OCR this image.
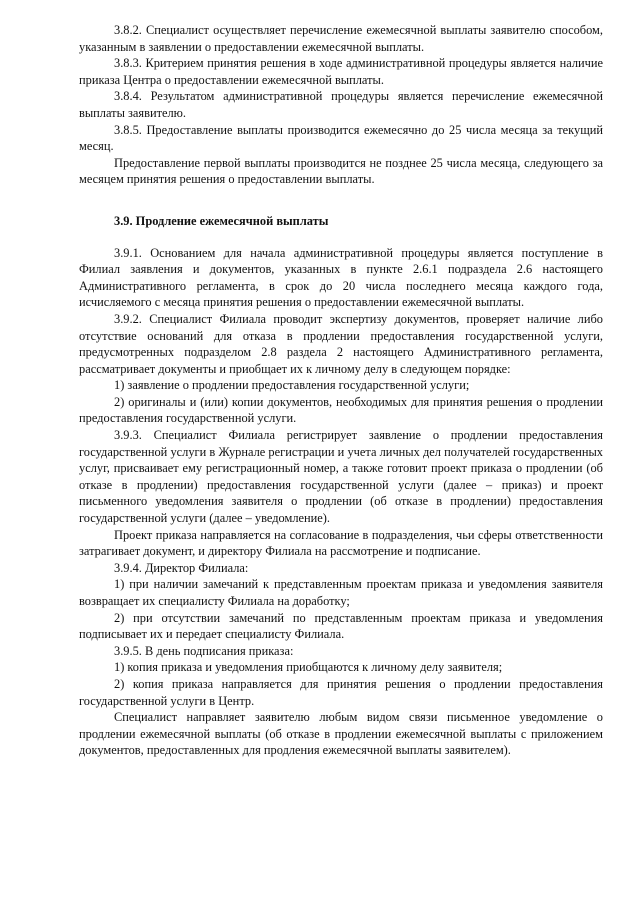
3.8.2. Специалист осуществляет перечисление ежемесячной выплаты заявителю способом, указанным в заявлении о предоставлении ежемесячной выплаты.

3.8.3. Критерием принятия решения в ходе административной процедуры является наличие приказа Центра о предоставлении ежемесячной выплаты.

3.8.4. Результатом административной процедуры является перечисление ежемесячной выплаты заявителю.

3.8.5. Предоставление выплаты производится ежемесячно до 25 числа месяца за текущий месяц.

Предоставление первой выплаты производится не позднее 25 числа месяца, следующего за месяцем принятия решения о предоставлении выплаты.

3.9. Продление ежемесячной выплаты

3.9.1. Основанием для начала административной процедуры является поступление в Филиал заявления и документов, указанных в пункте 2.6.1 подраздела 2.6 настоящего Административного регламента, в срок до 20 числа последнего месяца каждого года, исчисляемого с месяца принятия решения о предоставлении ежемесячной выплаты.

3.9.2. Специалист Филиала проводит экспертизу документов, проверяет наличие либо отсутствие оснований для отказа в продлении предоставления государственной услуги, предусмотренных подразделом 2.8 раздела 2 настоящего Административного регламента, рассматривает документы и приобщает их к личному делу в следующем порядке:

1) заявление о продлении предоставления государственной услуги;

2) оригиналы и (или) копии документов, необходимых для принятия решения о продлении предоставления государственной услуги.

3.9.3. Специалист Филиала регистрирует заявление о продлении предоставления государственной услуги в Журнале регистрации и учета личных дел получателей государственных услуг, присваивает ему регистрационный номер, а также готовит проект приказа о продлении (об отказе в продлении) предоставления государственной услуги (далее – приказ) и проект письменного уведомления заявителя о продлении (об отказе в продлении) предоставления государственной услуги (далее – уведомление).

Проект приказа направляется на согласование в подразделения, чьи сферы ответственности затрагивает документ, и директору Филиала на рассмотрение и подписание.

3.9.4. Директор Филиала:

1) при наличии замечаний к представленным проектам приказа и уведомления заявителя возвращает их специалисту Филиала на доработку;

2) при отсутствии замечаний по представленным проектам приказа и уведомления подписывает их и передает специалисту Филиала.

3.9.5. В день подписания приказа:

1) копия приказа и уведомления приобщаются к личному делу заявителя;

2) копия приказа направляется для принятия решения о продлении предоставления государственной услуги в Центр.

Специалист направляет заявителю любым видом связи письменное уведомление о продлении ежемесячной выплаты (об отказе в продлении ежемесячной выплаты с приложением документов, предоставленных для продления ежемесячной выплаты заявителем).
